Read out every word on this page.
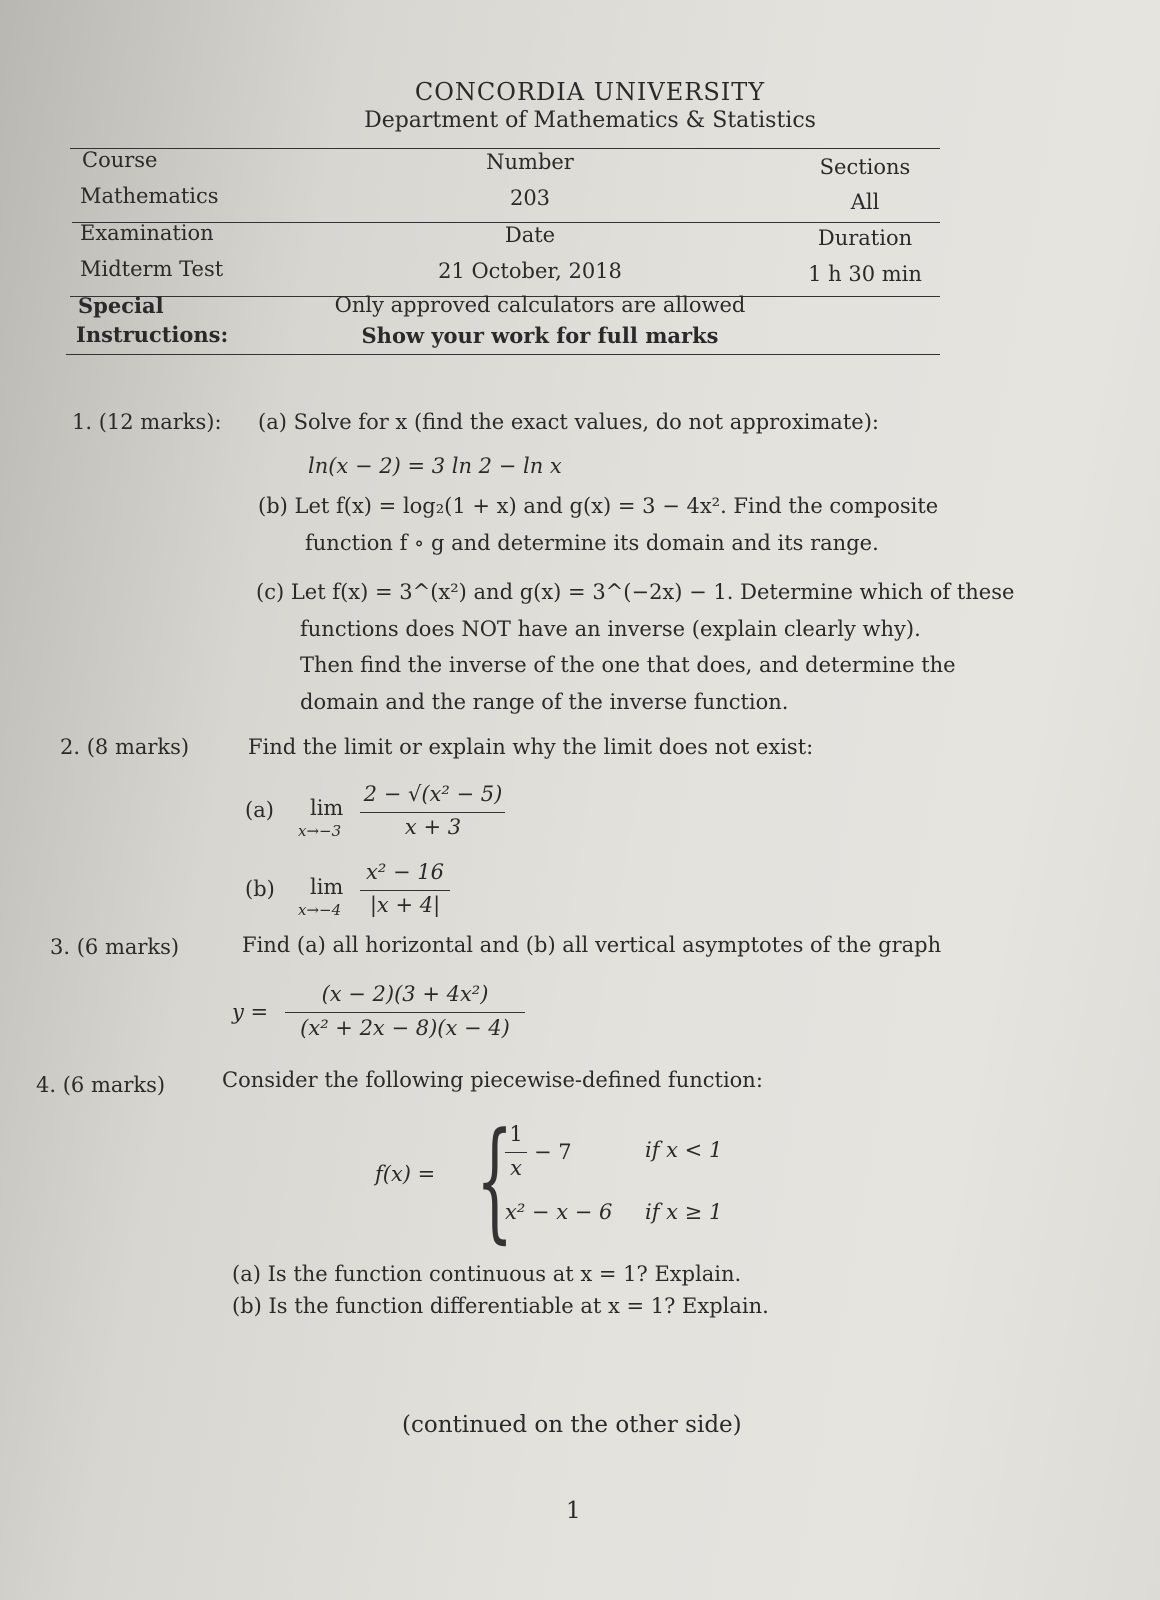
CONCORDIA UNIVERSITY
Department of Mathematics & Statistics
Course	Number	Sections
Mathematics	203	All
Examination	Date	Duration
Midterm Test	21 October, 2018	1 h 30 min
Special
Instructions:
Only approved calculators are allowed
Show your work for full marks
1. (12 marks): (a) Solve for x (find the exact values, do not approximate):
ln(x − 2) = 3 ln 2 − ln x
(b) Let f(x) = log₂(1 + x) and g(x) = 3 − 4x². Find the composite
function f ∘ g and determine its domain and its range.
(c) Let f(x) = 3^(x²) and g(x) = 3^(−2x) − 1. Determine which of these
functions does NOT have an inverse (explain clearly why).
Then find the inverse of the one that does, and determine the
domain and the range of the inverse function.
2. (8 marks)	Find the limit or explain why the limit does not exist:
(a) lim
x→−3
2 − √(x² − 5)
x + 3
(b) lim
x→−4
x² − 16
|x + 4|
3. (6 marks)	Find (a) all horizontal and (b) all vertical asymptotes of the graph
y =
(x − 2)(3 + 4x²)
(x² + 2x − 8)(x − 4)
4. (6 marks)	Consider the following piecewise-defined function:
f(x) = {
1
x
− 7	if x < 1
x² − x − 6 if x ≥ 1
(a) Is the function continuous at x = 1? Explain.
(b) Is the function differentiable at x = 1? Explain.
(continued on the other side)
1
